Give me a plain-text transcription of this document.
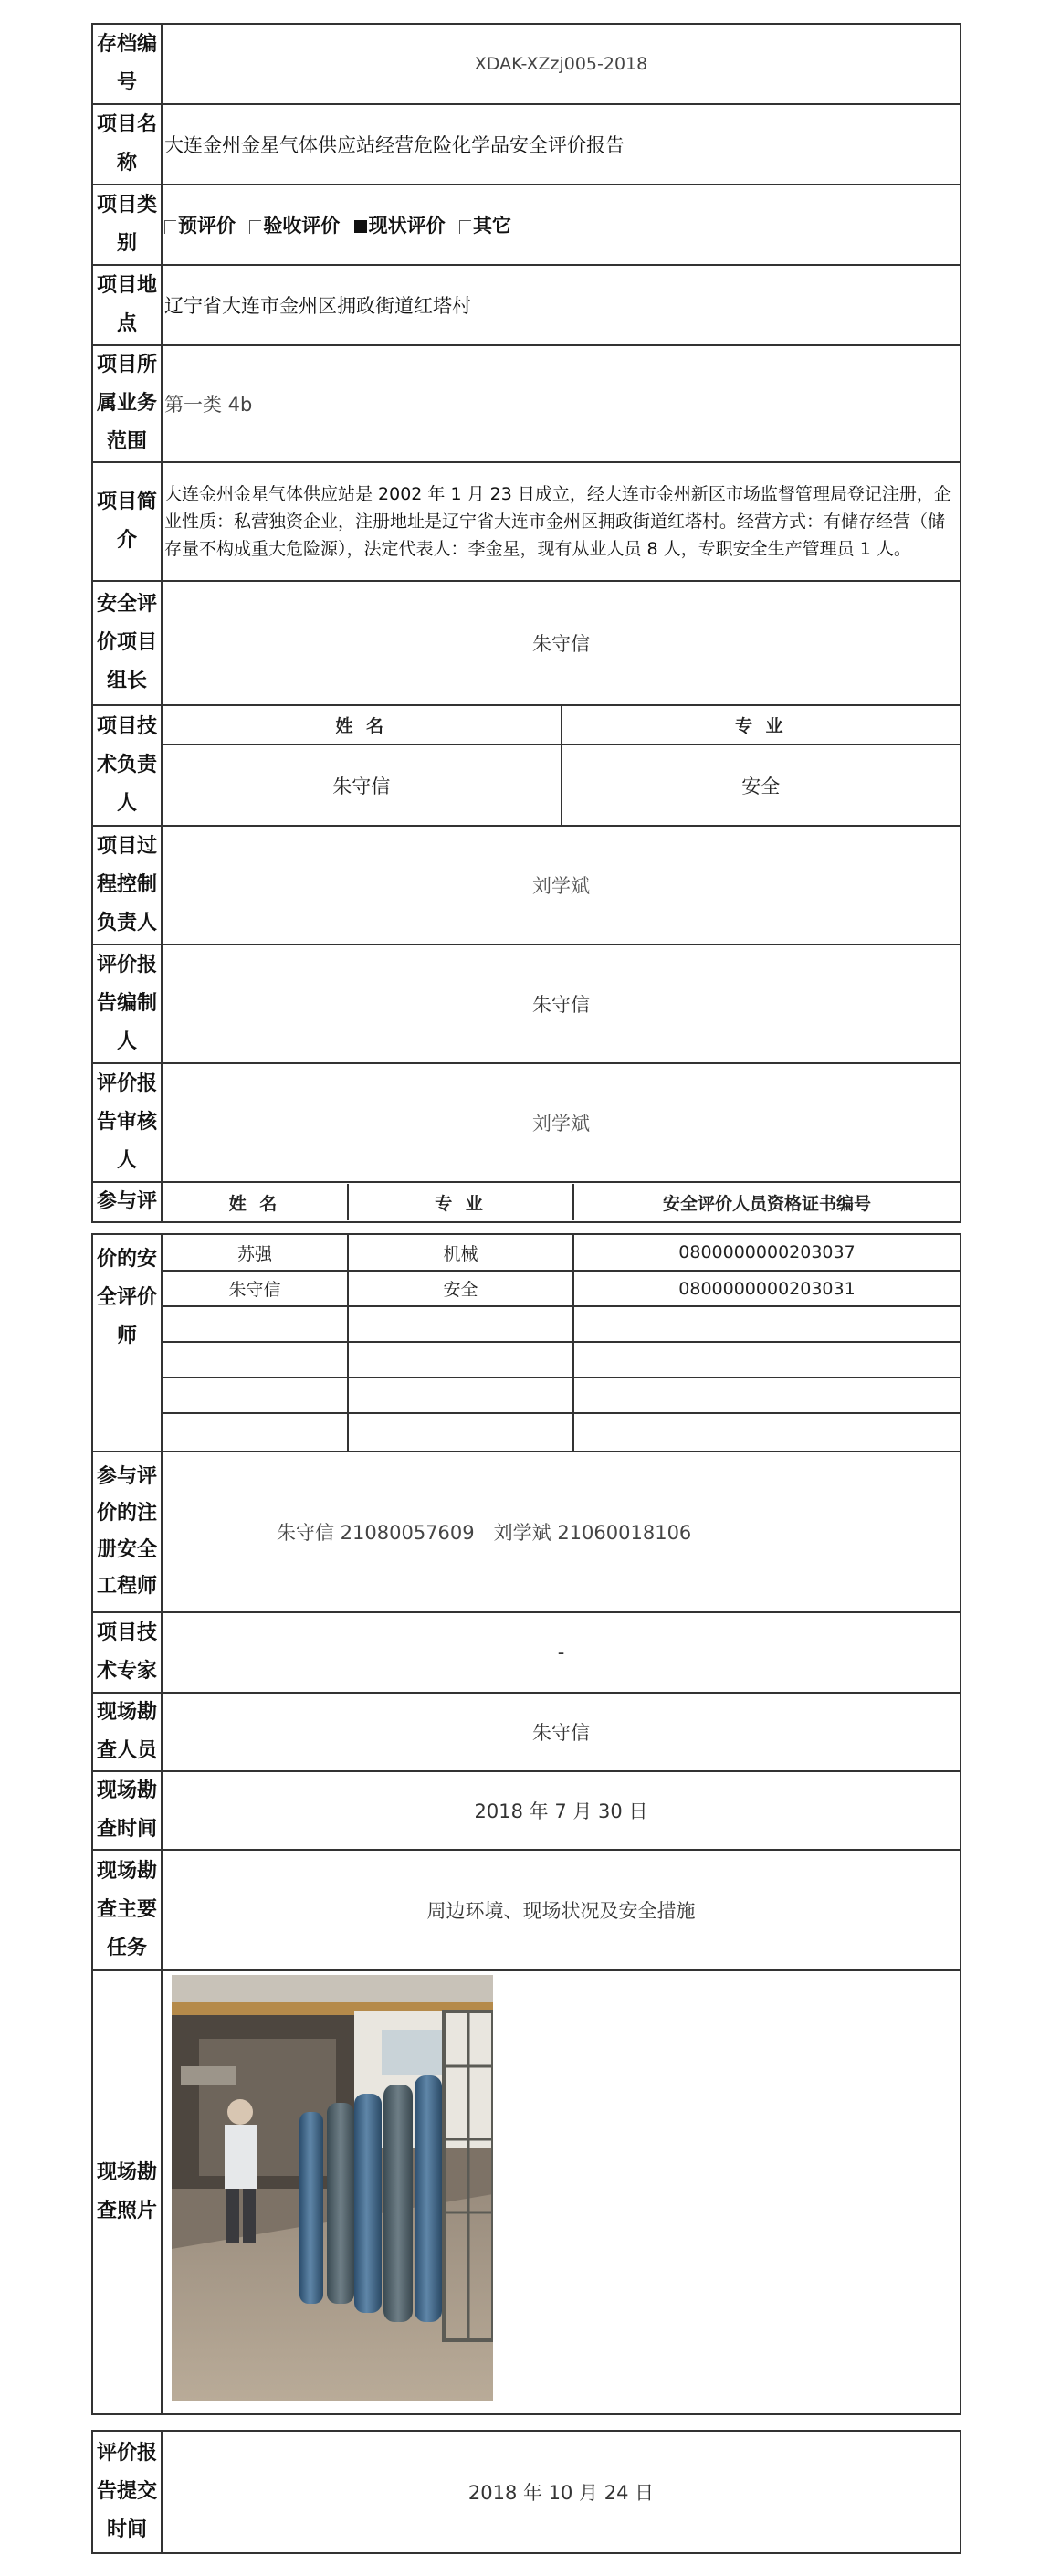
存档编
号
	XDAK-XZzj005-2018

项目名
称
	大连金州金星气体供应站经营危险化学品安全评价报告

项目类
别
	预评价 验收评价 现状评价 其它

项目地
点
	辽宁省大连市金州区拥政街道红塔村

项目所
属业务
范围
	第一类 4b

项目简
介
	大连金州金星气体供应站是 2002 年 1 月 23 日成立，经大连市金州新区市场监督管理局登记注册，企业性质：私营独资企业，注册地址是辽宁省大连市金州区拥政街道红塔村。经营方式：有储存经营（储存量不构成重大危险源），法定代表人：李金星，现有从业人员 8 人，专职安全生产管理员 1 人。

安全评
价项目
组长
	朱守信

项目技
术负责
人

姓 名	专 业
朱守信	安全

项目过
程控制
负责人
	刘学斌

评价报
告编制
人
	朱守信

评价报
告审核
人
	刘学斌
参与评		姓 名	专 业	安全评价人员资格证书编号
价的安
全评价
师

苏强	机械	0800000000203037
朱守信	安全	0800000000203031

参与评
价的注
册安全
工程师
	朱守信 21080057609　刘学斌 21060018106

项目技
术专家
	-

现场勘
查人员
	朱守信

现场勘
查时间
	2018 年 7 月 30 日

现场勘
查主要
任务
	周边环境、现场状况及安全措施

现场勘
查照片

评价报
告提交
时间
	2018 年 10 月 24 日
